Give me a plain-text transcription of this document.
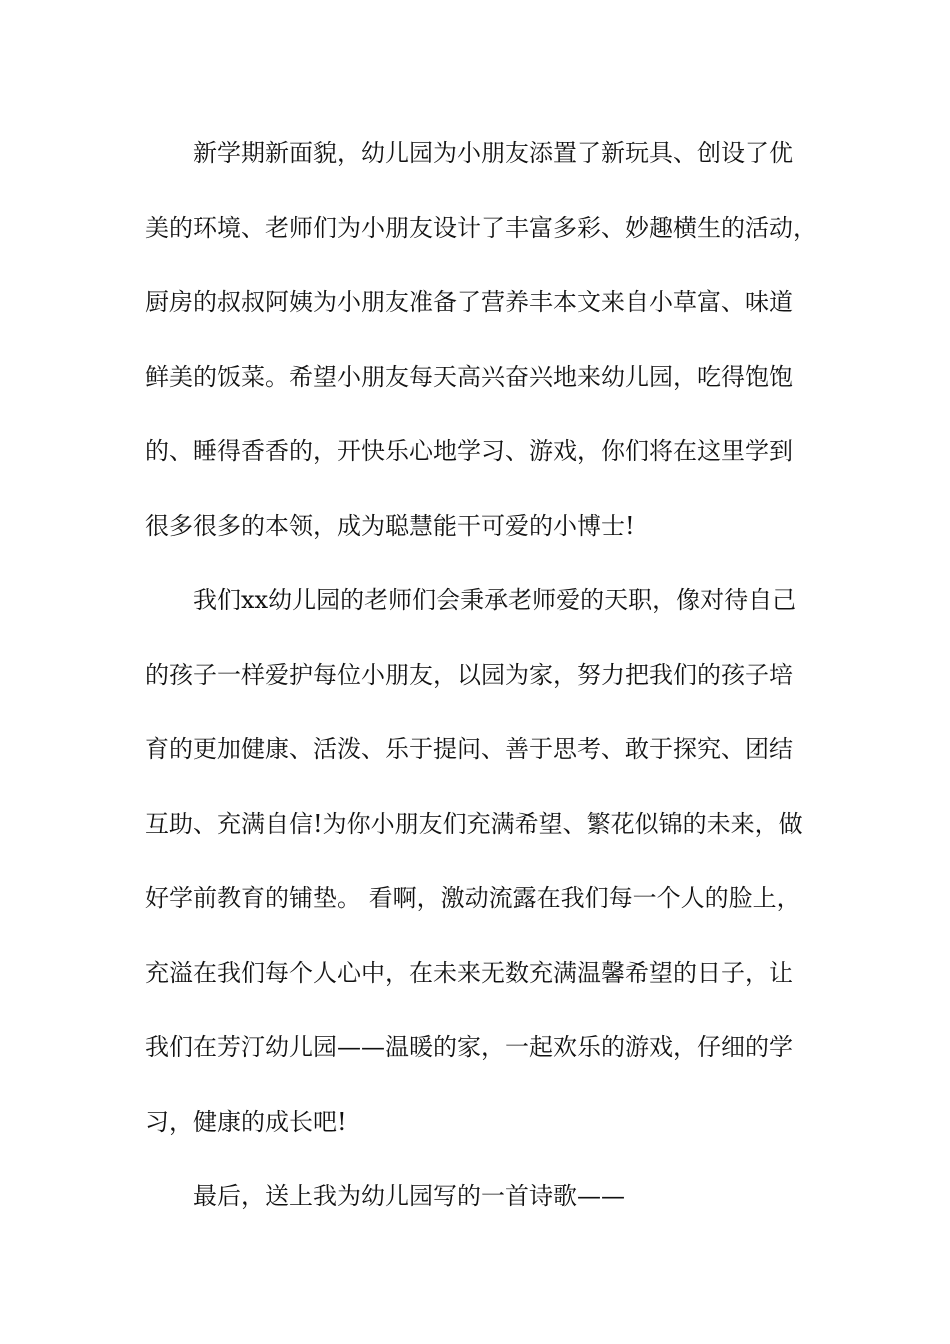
新学期新面貌，幼儿园为小朋友添置了新玩具、创设了优
美的环境、老师们为小朋友设计了丰富多彩、妙趣横生的活动，
厨房的叔叔阿姨为小朋友准备了营养丰本文来自小草富、味道
鲜美的饭菜。希望小朋友每天高兴奋兴地来幼儿园，吃得饱饱
的、睡得香香的，开快乐心地学习、游戏，你们将在这里学到
很多很多的本领，成为聪慧能干可爱的小博士!
我们xx幼儿园的老师们会秉承老师爱的天职，像对待自己
的孩子一样爱护每位小朋友，以园为家，努力把我们的孩子培
育的更加健康、活泼、乐于提问、善于思考、敢于探究、团结
互助、充满自信!为你小朋友们充满希望、繁花似锦的未来，做
好学前教育的铺垫。 看啊，激动流露在我们每一个人的脸上，
充溢在我们每个人心中，在未来无数充满温馨希望的日子，让
我们在芳汀幼儿园——温暖的家，一起欢乐的游戏，仔细的学
习，健康的成长吧!
最后，送上我为幼儿园写的一首诗歌——
